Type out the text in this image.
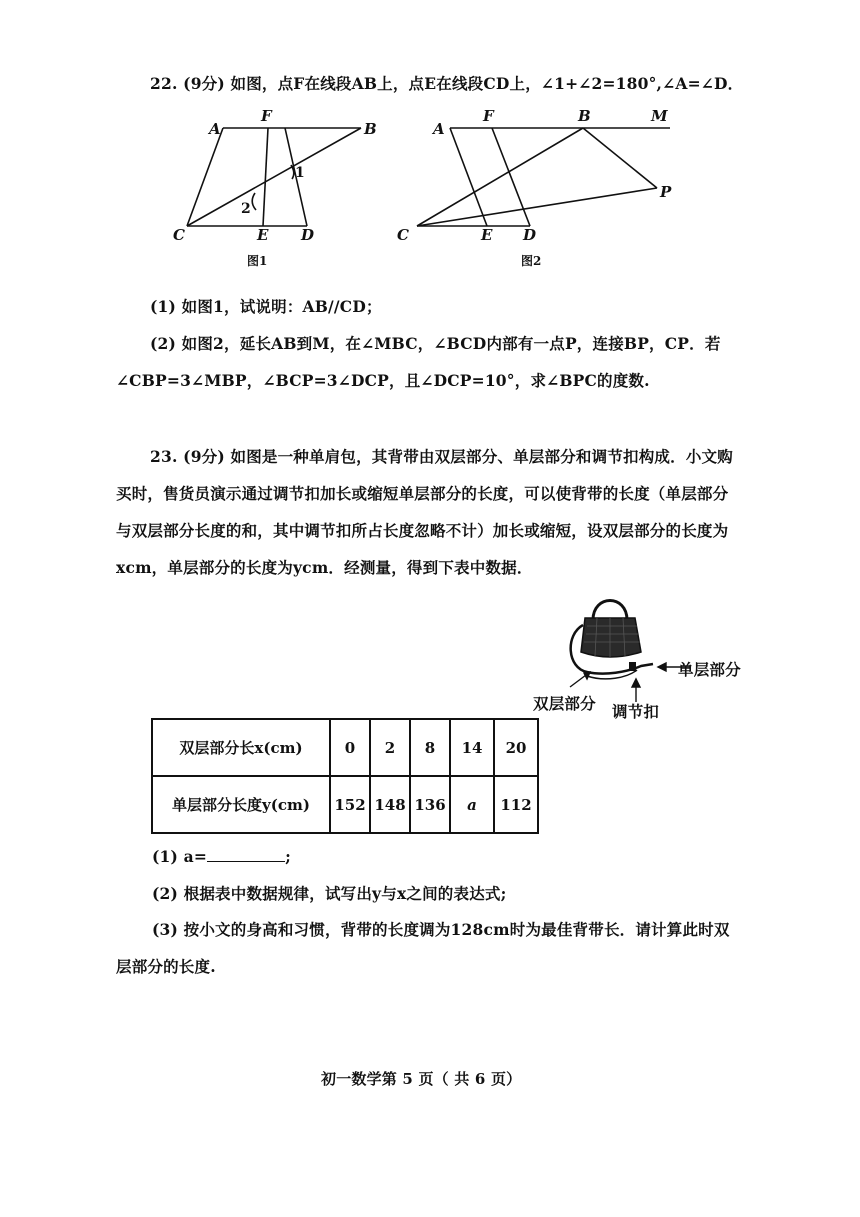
22. (9分) 如图，点F在线段AB上，点E在线段CD上，∠1+∠2=180°,∠A=∠D．
A
F
B
C	E D
1
2
图1
A
F	B	M
P
C	E D
图2
(1) 如图1，试说明：AB//CD；
(2) 如图2，延长AB到M，在∠MBC，∠BCD内部有一点P，连接BP，CP．若
∠CBP=3∠MBP，∠BCP=3∠DCP，且∠DCP=10°，求∠BPC的度数.
23. (9分) 如图是一种单肩包，其背带由双层部分、单层部分和调节扣构成．小文购
买时，售货员演示通过调节扣加长或缩短单层部分的长度，可以使背带的长度（单层部分
与双层部分长度的和，其中调节扣所占长度忽略不计）加长或缩短，设双层部分的长度为
xcm，单层部分的长度为ycm．经测量，得到下表中数据．
单层部分
双层部分 调节扣
双层部分长x(cm)	0	2	8	14	20
单层部分长度y(cm)	152	148	136	a	112
(1) a=	;
(2) 根据表中数据规律，试写出y与x之间的表达式;
(3) 按小文的身高和习惯，背带的长度调为128cm时为最佳背带长．请计算此时双
层部分的长度.
初一数学第 5 页（ 共 6 页）
